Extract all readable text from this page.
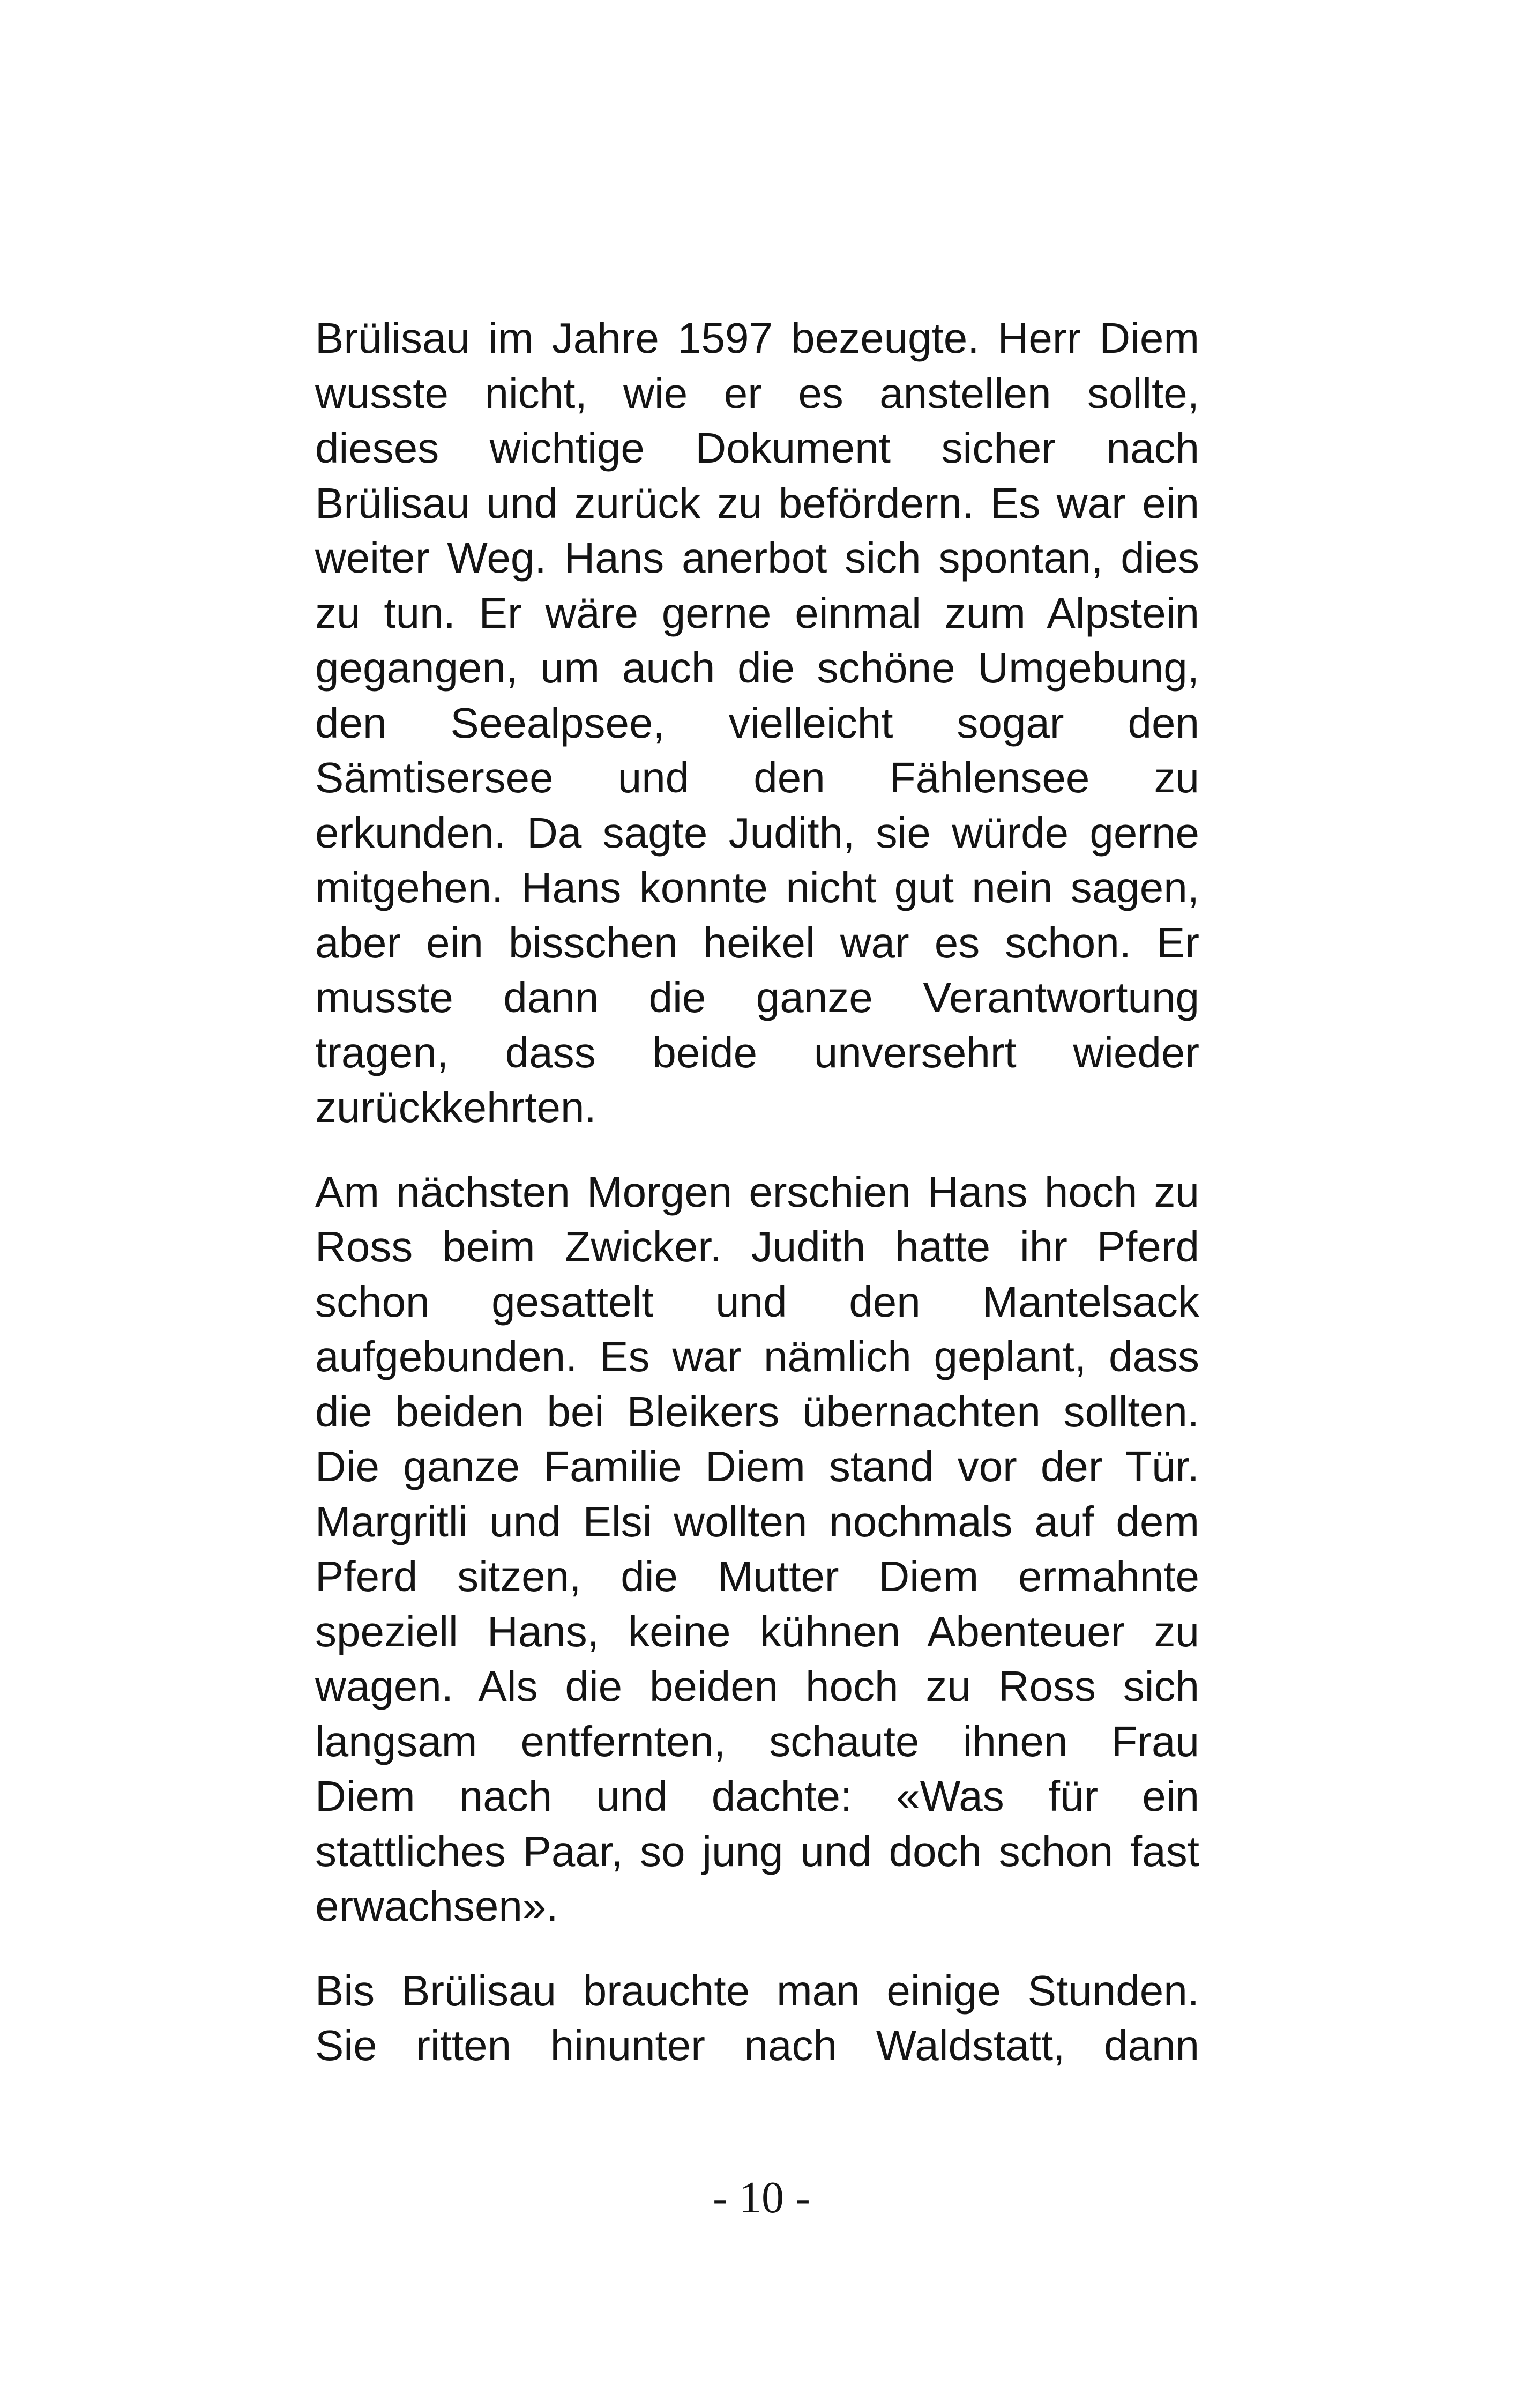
Brülisau im Jahre 1597 bezeugte. Herr Diem
wusste nicht, wie er es anstellen sollte,
dieses wichtige Dokument sicher nach
Brülisau und zurück zu befördern. Es war ein
weiter Weg. Hans anerbot sich spontan, dies
zu tun. Er wäre gerne einmal zum Alpstein
gegangen, um auch die schöne Umgebung,
den Seealpsee, vielleicht sogar den
Sämtisersee und den Fählensee zu
erkunden. Da sagte Judith, sie würde gerne
mitgehen. Hans konnte nicht gut nein sagen,
aber ein bisschen heikel war es schon. Er
musste dann die ganze Verantwortung
tragen, dass beide unversehrt wieder
zurückkehrten.

Am nächsten Morgen erschien Hans hoch zu
Ross beim Zwicker. Judith hatte ihr Pferd
schon gesattelt und den Mantelsack
aufgebunden. Es war nämlich geplant, dass
die beiden bei Bleikers übernachten sollten.
Die ganze Familie Diem stand vor der Tür.
Margritli und Elsi wollten nochmals auf dem
Pferd sitzen, die Mutter Diem ermahnte
speziell Hans, keine kühnen Abenteuer zu
wagen. Als die beiden hoch zu Ross sich
langsam entfernten, schaute ihnen Frau
Diem nach und dachte: «Was für ein
stattliches Paar, so jung und doch schon fast
erwachsen».

Bis Brülisau brauchte man einige Stunden.
Sie ritten hinunter nach Waldstatt, dann

- 10 -
